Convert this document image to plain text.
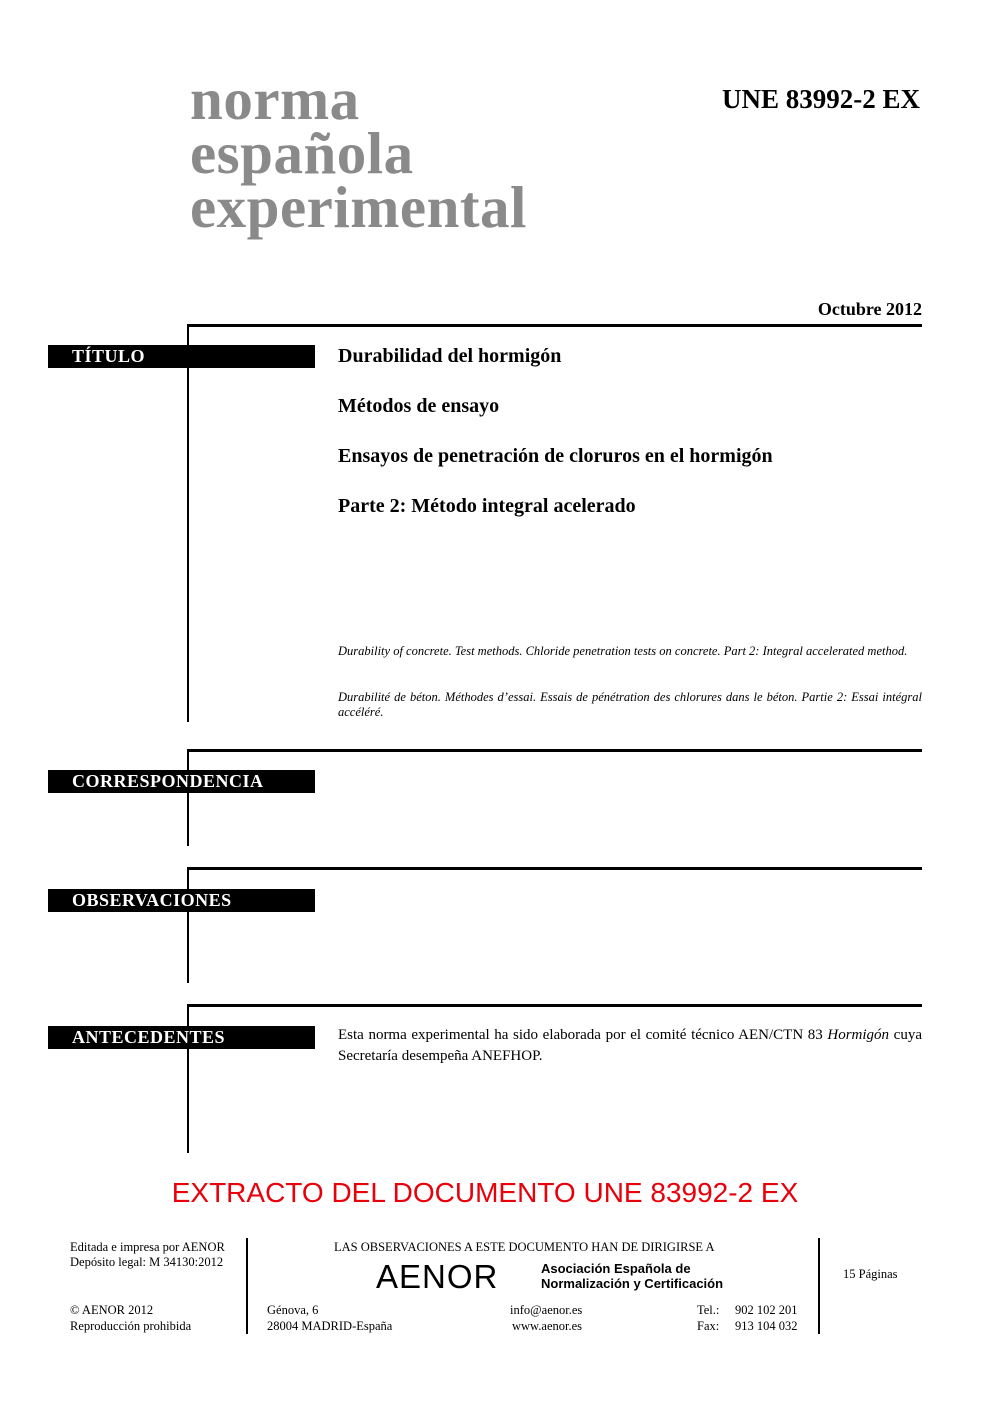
norma
española
experimental
UNE 83992-2 EX
Octubre 2012
TÍTULO	Durabilidad del hormigón
Métodos de ensayo
Ensayos de penetración de cloruros en el hormigón
Parte 2: Método integral acelerado
Durability of concrete. Test methods. Chloride penetration tests on concrete. Part 2: Integral accelerated method.
Durabilité de béton. Méthodes d’essai. Essais de pénétration des chlorures dans le béton. Partie 2: Essai intégral accéléré.
CORRESPONDENCIA
OBSERVACIONES
ANTECEDENTES	Esta norma experimental ha sido elaborada por el comité técnico AEN/CTN 83 Hormigón cuya Secretaría desempeña ANEFHOP.
EXTRACTO DEL DOCUMENTO UNE 83992-2 EX
Editada e impresa por AENOR
Depósito legal: M 34130:2012
© AENOR 2012
Reproducción prohibida
LAS OBSERVACIONES A ESTE DOCUMENTO HAN DE DIRIGIRSE A
AENOR	Asociación Española de
Normalización y Certificación
Génova, 6
28004 MADRID-España
info@aenor.es
www.aenor.es
Tel.: 902 102 201
Fax: 913 104 032
15 Páginas
